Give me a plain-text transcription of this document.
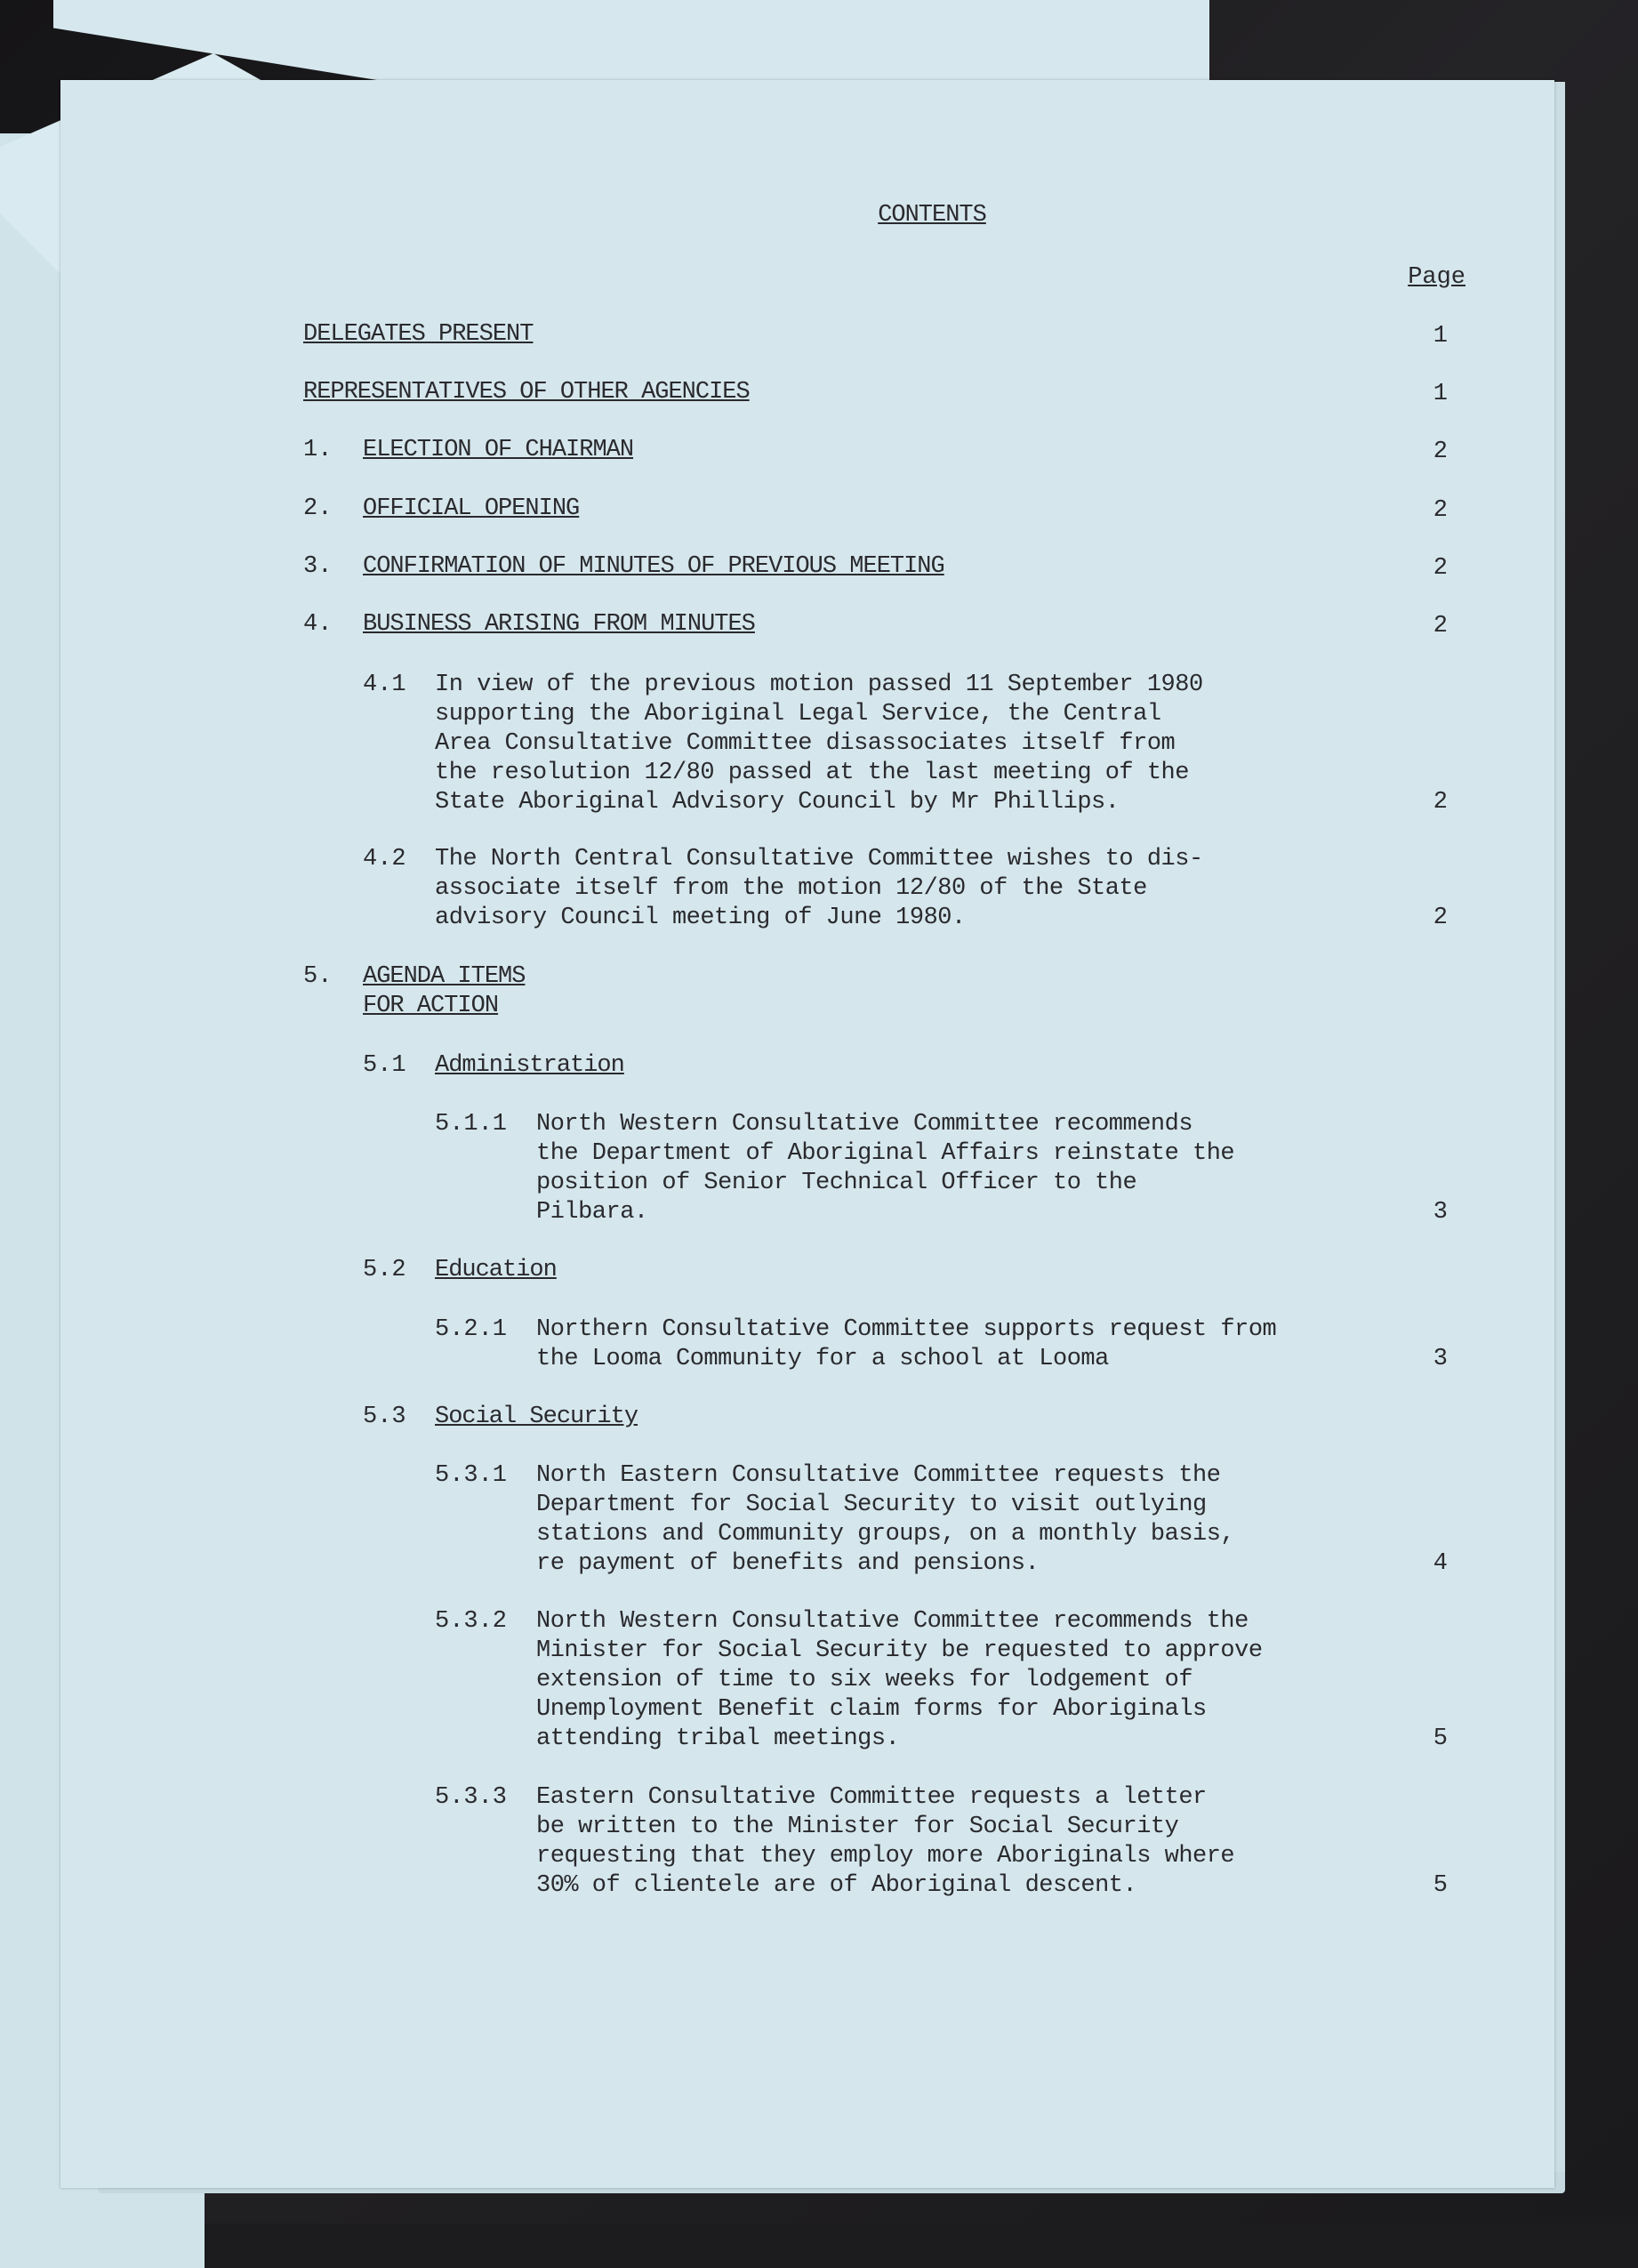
CONTENTS
Page
DELEGATES PRESENT	1
REPRESENTATIVES OF OTHER AGENCIES	1
1. ELECTION OF CHAIRMAN	2
2. OFFICIAL OPENING	2
3. CONFIRMATION OF MINUTES OF PREVIOUS MEETING	2
4. BUSINESS ARISING FROM MINUTES	2
4.1 In view of the previous motion passed 11 September 1980
supporting the Aboriginal Legal Service, the Central
Area Consultative Committee disassociates itself from
the resolution 12/80 passed at the last meeting of the
State Aboriginal Advisory Council by Mr Phillips.	2
4.2 The North Central Consultative Committee wishes to dis-
associate itself from the motion 12/80 of the State
advisory Council meeting of June 1980.	2
5. AGENDA ITEMS
FOR ACTION
5.1 Administration
5.1.1 North Western Consultative Committee recommends
the Department of Aboriginal Affairs reinstate the
position of Senior Technical Officer to the
Pilbara.	3
5.2 Education
5.2.1 Northern Consultative Committee supports request from
the Looma Community for a school at Looma	3
5.3 Social Security
5.3.1 North Eastern Consultative Committee requests the
Department for Social Security to visit outlying
stations and Community groups, on a monthly basis,
re payment of benefits and pensions.	4
5.3.2 North Western Consultative Committee recommends the
Minister for Social Security be requested to approve
extension of time to six weeks for lodgement of
Unemployment Benefit claim forms for Aboriginals
attending tribal meetings.	5
5.3.3 Eastern Consultative Committee requests a letter
be written to the Minister for Social Security
requesting that they employ more Aboriginals where
30% of clientele are of Aboriginal descent.	5
